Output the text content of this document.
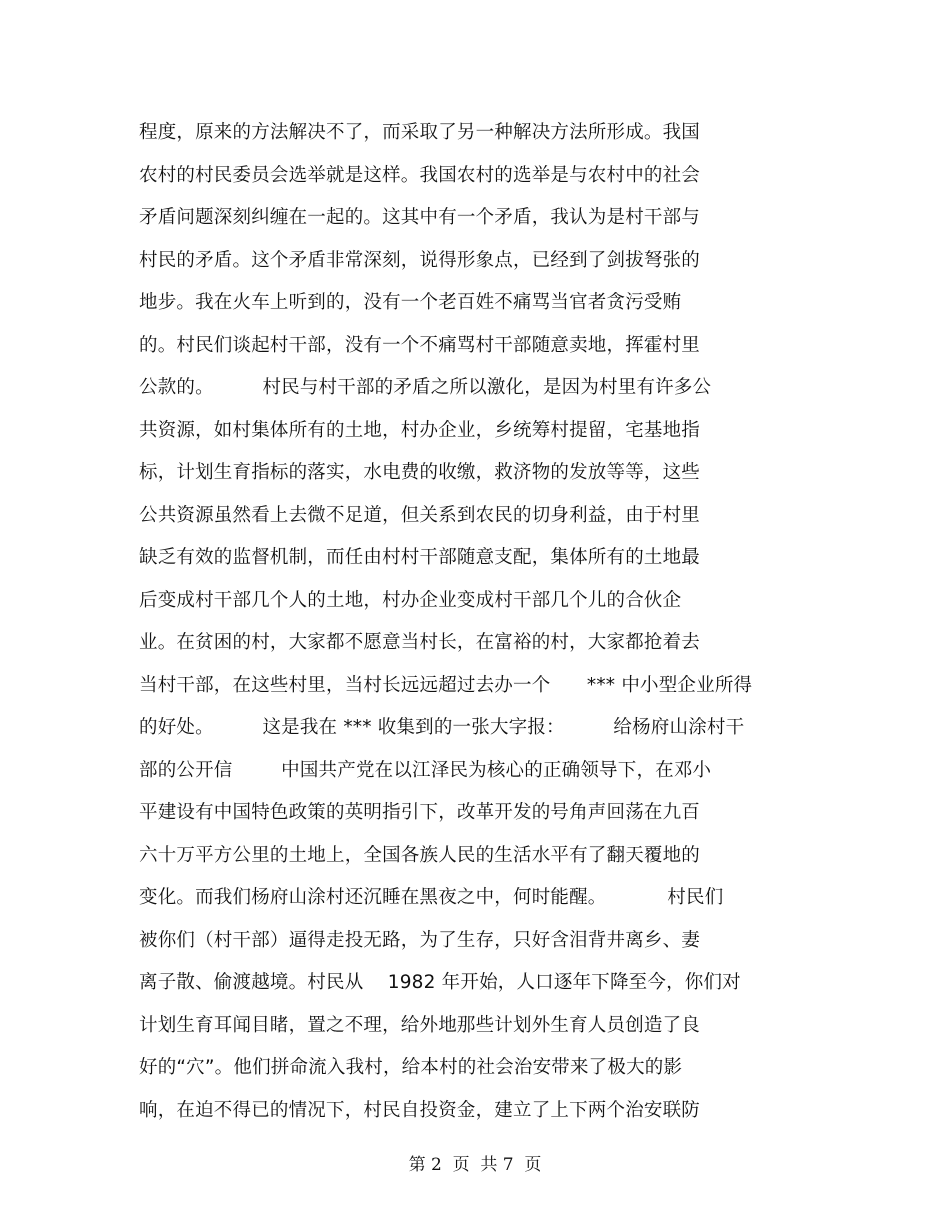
程度，原来的方法解决不了，而采取了另一种解决方法所形成。我国
农村的村民委员会选举就是这样。我国农村的选举是与农村中的社会
矛盾问题深刻纠缠在一起的。这其中有一个矛盾，我认为是村干部与
村民的矛盾。这个矛盾非常深刻，说得形象点，已经到了剑拔弩张的
地步。我在火车上听到的，没有一个老百姓不痛骂当官者贪污受贿
的。村民们谈起村干部，没有一个不痛骂村干部随意卖地，挥霍村里
公款的。        村民与村干部的矛盾之所以激化，是因为村里有许多公
共资源，如村集体所有的土地，村办企业，乡统筹村提留，宅基地指
标，计划生育指标的落实，水电费的收缴，救济物的发放等等，这些
公共资源虽然看上去微不足道，但关系到农民的切身利益，由于村里
缺乏有效的监督机制，而任由村村干部随意支配，集体所有的土地最
后变成村干部几个人的土地，村办企业变成村干部几个儿的合伙企
业。在贫困的村，大家都不愿意当村长，在富裕的村，大家都抢着去
当村干部，在这些村里，当村长远远超过去办一个      *** 中小型企业所得
的好处。        这是我在 *** 收集到的一张大字报：        给杨府山涂村干
部的公开信        中国共产党在以江泽民为核心的正确领导下，在邓小
平建设有中国特色政策的英明指引下，改革开发的号角声回荡在九百
六十万平方公里的土地上，全国各族人民的生活水平有了翻天覆地的
变化。而我们杨府山涂村还沉睡在黑夜之中，何时能醒。          村民们
被你们（村干部）逼得走投无路，为了生存，只好含泪背井离乡、妻
离子散、偷渡越境。村民从    1982 年开始，人口逐年下降至今，你们对
计划生育耳闻目睹，置之不理，给外地那些计划外生育人员创造了良
好的“穴”。他们拼命流入我村，给本村的社会治安带来了极大的影
响，在迫不得已的情况下，村民自投资金，建立了上下两个治安联防
第 2  页  共 7  页
